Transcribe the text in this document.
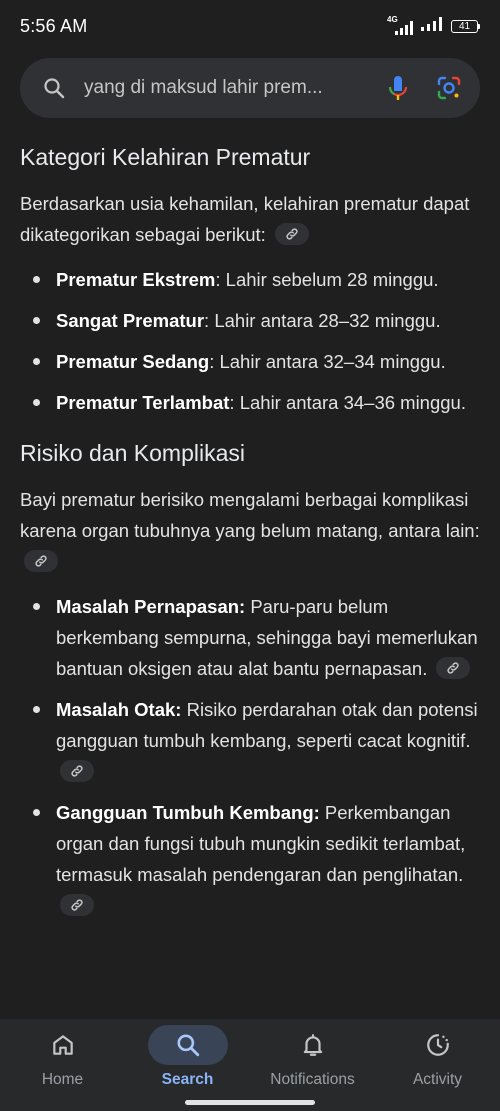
5:56 AM	4G
41
yang di maksud lahir prem...
Kategori Kelahiran Prematur

Berdasarkan usia kehamilan, kelahiran prematur dapat dikategorikan sebagai berikut:

Prematur Ekstrem: Lahir sebelum 28 minggu.
Sangat Prematur: Lahir antara 28–32 minggu.
Prematur Sedang: Lahir antara 32–34 minggu.
Prematur Terlambat: Lahir antara 34–36 minggu.
Risiko dan Komplikasi

Bayi prematur berisiko mengalami berbagai komplikasi karena organ tubuhnya yang belum matang, antara lain:

Masalah Pernapasan: Paru-paru belum berkembang sempurna, sehingga bayi memerlukan bantuan oksigen atau alat bantu pernapasan.
Masalah Otak: Risiko perdarahan otak dan potensi gangguan tumbuh kembang, seperti cacat kognitif.
Gangguan Tumbuh Kembang: Perkembangan organ dan fungsi tubuh mungkin sedikit terlambat, termasuk masalah pendengaran dan penglihatan.
Home	Search	Notifications	Activity
